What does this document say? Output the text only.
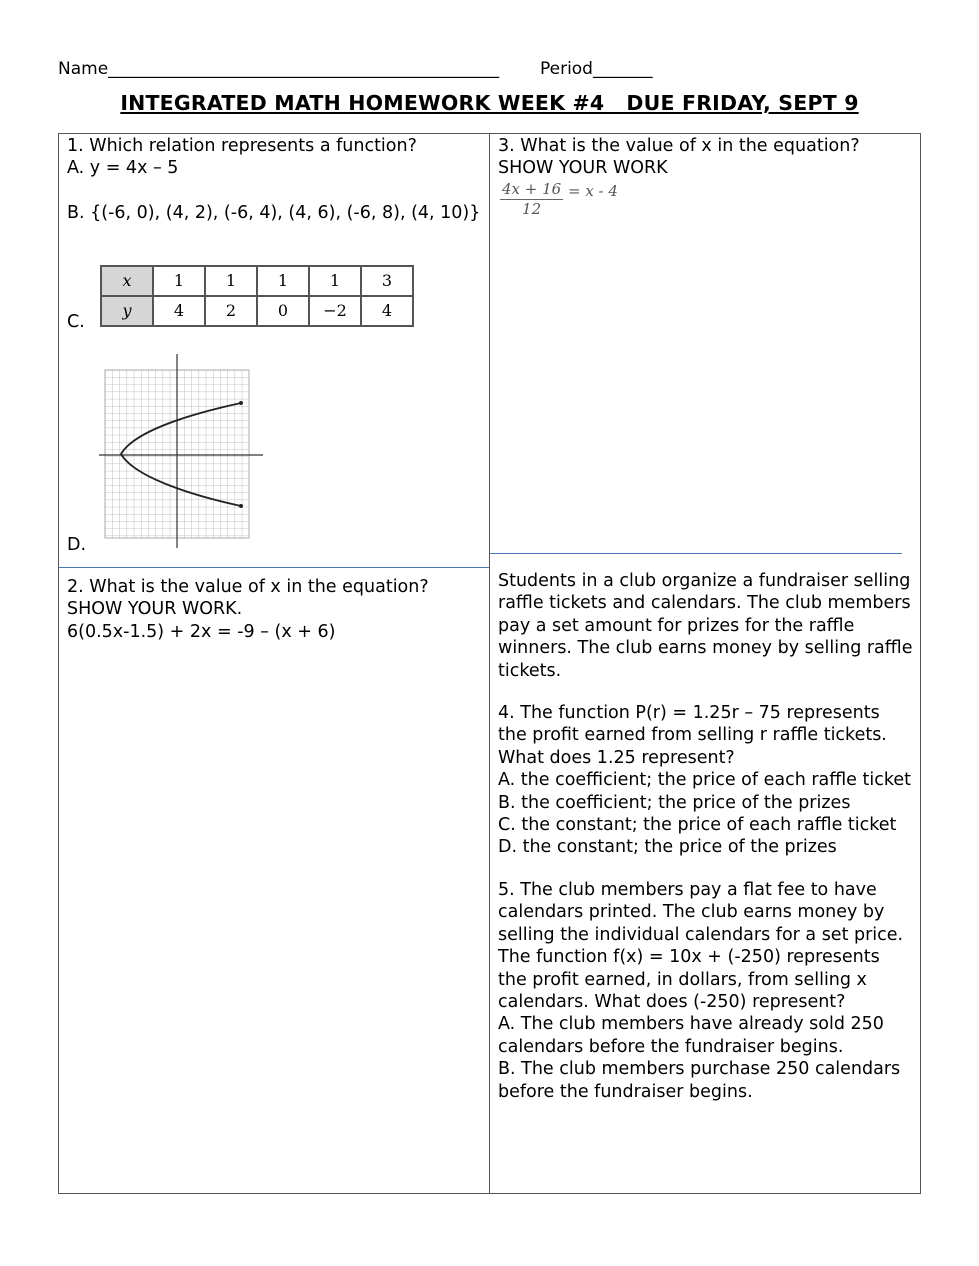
Name______________________________________________ Period_______
INTEGRATED MATH HOMEWORK WEEK #4   DUE FRIDAY, SEPT 9

1. Which relation represents a function?

A. y = 4x – 5

B. {(-6, 0), (4, 2), (-6, 4), (4, 6), (-6, 8), (4, 10)}

C.
x	1	1	1	1	3
y	4	2	0	−2	4
D.

2. What is the value of x in the equation?

SHOW YOUR WORK.

6(0.5x-1.5) + 2x = -9 – (x + 6)

3. What is the value of x in the equation?

SHOW YOUR WORK

$\frac{4x + 16}{12} = x - 4$

Students in a club organize a fundraiser selling raffle tickets and calendars. The club members pay a set amount for prizes for the raffle winners. The club earns money by selling raffle tickets.

4. The function P(r) = 1.25r – 75 represents the profit earned from selling r raffle tickets. What does 1.25 represent?

A. the coefficient; the price of each raffle ticket

B. the coefficient; the price of the prizes

C. the constant; the price of each raffle ticket

D. the constant; the price of the prizes

5. The club members pay a flat fee to have calendars printed. The club earns money by selling the individual calendars for a set price. The function f(x) = 10x + (-250) represents the profit earned, in dollars, from selling x calendars. What does (-250) represent?

A. The club members have already sold 250 calendars before the fundraiser begins.

B. The club members purchase 250 calendars before the fundraiser begins.
